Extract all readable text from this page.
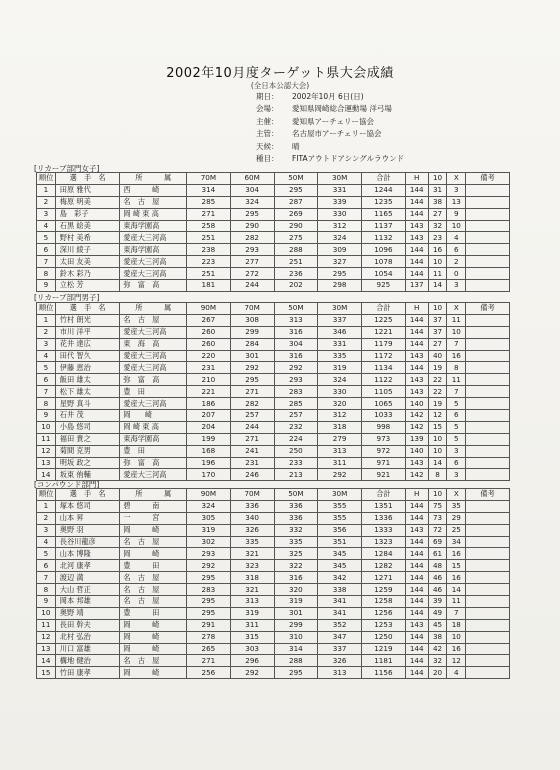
2002年10月度ターゲット県大会成績
(全日本公認大会)
期日：	2002年10月 6日(日)
会場：	愛知県岡崎総合運動場 洋弓場
主催：	愛知県アーチェリー協会
主管：	名古屋市アーチェリー協会
天候：	晴
種目：	FITAアウトドアシングルラウンド
[リカーブ部門女子]
順位	選　手　名	所　　　属	70M	60M	50M	30M	合計	H	10	X	備考
1	田原 雅代	西　　　崎	314	304	295	331	1244	144	31	3	
2	梅原 明美	名　古　屋	285	324	287	339	1235	144	38	13	
3	島　彩子	岡 崎 東 高	271	295	269	330	1165	144	27	9	
4	石黒 絵美	東海学園高	258	290	290	312	1137	143	32	10	
5	野村 美希	愛産大三河高	251	282	275	324	1132	143	23	4	
6	深川 綾子	東海学園高	238	293	288	309	1096	144	16	6	
7	太田 友美	愛産大三河高	223	277	251	327	1078	144	10	2	
8	鈴木 彩乃	愛産大三河高	251	272	236	295	1054	144	11	0	
9	立松 芳	弥　富　高	181	244	202	298	925	137	14	3	
[リカーブ部門男子]
順位	選　手　名	所　　　属	90M	70M	50M	30M	合計	H	10	X	備考
1	竹村 朗光	名　古　屋	267	308	313	337	1225	144	37	11	
2	市川 洋平	愛産大三河高	260	299	316	346	1221	144	37	10	
3	花井 達広	東　海　高	260	284	304	331	1179	144	27	7	
4	田代 智久	愛産大三河高	220	301	316	335	1172	143	40	16	
5	伊藤 恵治	愛産大三河高	231	292	292	319	1134	144	19	8	
6	飯田 雄太	弥　富　高	210	295	293	324	1122	143	22	11	
7	松下 雄太	豊　田	221	271	283	330	1105	143	22	7	
8	星野 真斗	愛産大三河高	186	282	285	320	1065	140	19	5	
9	石井 茂	岡　　崎	207	257	257	312	1033	142	12	6	
10	小島 悠司	岡 崎 東 高	204	244	232	318	998	142	15	5	
11	福田 貴之	東海学園高	199	271	224	279	973	139	10	5	
12	菊間 克男	豊　田	168	241	250	313	972	140	10	3	
13	明坂 政之	弥　富　高	196	231	233	311	971	143	14	6	
14	坂東 侑輔	愛産大三河高	170	246	213	292	921	142	8	3	
[コンパウンド部門]
順位	選　手　名	所　　　属	90M	70M	50M	30M	合計	H	10	X	備考
1	塚本 悠司	碧　　　南	324	336	336	355	1351	144	75	35	
2	山本 昇	一　　　宮	305	340	336	355	1336	144	73	29	
3	奥野 羽	岡　　　崎	319	326	332	356	1333	143	72	25	
4	長谷川龍彦	名　古　屋	302	335	335	351	1323	144	69	34	
5	山本 博隆	岡　　　崎	293	321	325	345	1284	144	61	16	
6	北河 康孝	豊　　　田	292	323	322	345	1282	144	48	15	
7	渡辺 満	名　古　屋	295	318	316	342	1271	144	46	16	
8	大山 哲正	名　古　屋	283	321	320	338	1259	144	46	14	
9	岡本 邦雄	名　古　屋	295	313	319	341	1258	144	39	11	
10	奥野 靖	豊　　　田	295	319	301	341	1256	144	49	7	
11	長田 幹夫	岡　　　崎	291	311	299	352	1253	143	45	18	
12	北村 弘治	岡　　　崎	278	315	310	347	1250	144	38	10	
13	川口 富雄	岡　　　崎	265	303	314	337	1219	144	42	16	
14	構地 健治	名　古　屋	271	296	288	326	1181	144	32	12	
15	竹田 康孝	岡　　　崎	256	292	295	313	1156	144	20	4	
